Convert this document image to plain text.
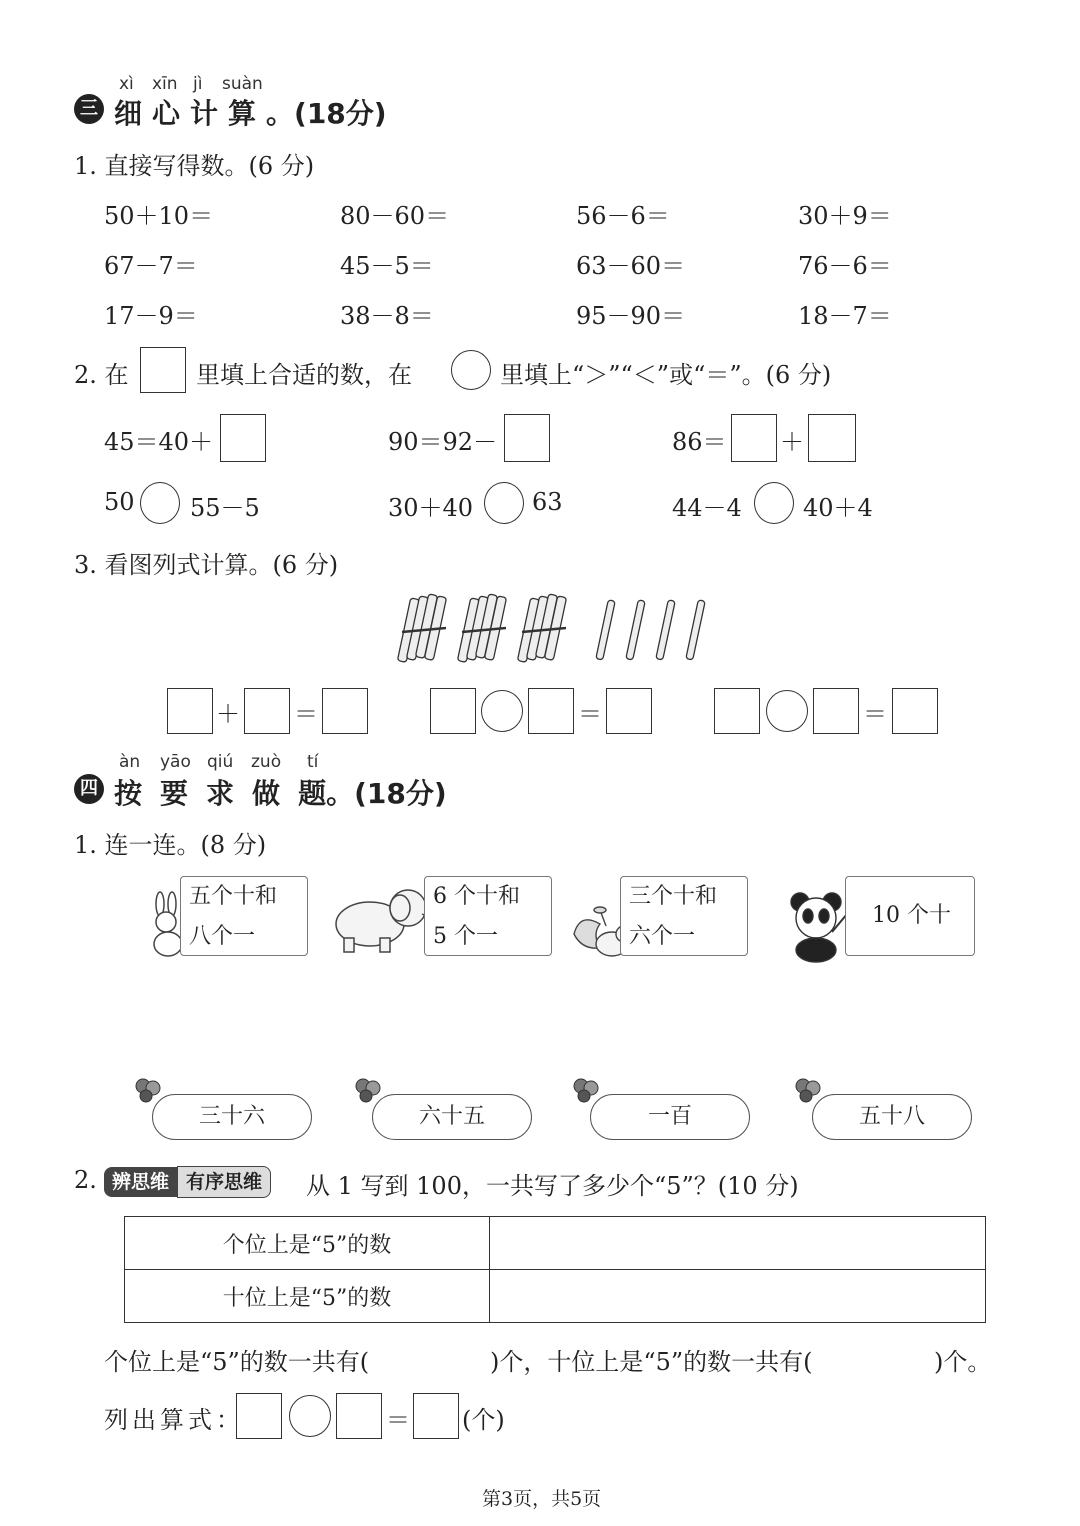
xì xīn jì suàn
三 细心计算。(18分)
1. 直接写得数。(6 分)
50＋10＝	80－60＝	56－6＝	30＋9＝
67－7＝	45－5＝	63－60＝	76－6＝
17－9＝	38－8＝	95－90＝	18－7＝
2. 在	里填上合适的数，在	里填上“＞”“＜”或“＝”。(6 分)
45＝40＋	90＝92－	86＝ ＋
50 55－5	30＋40 63	44－4	40＋4
3. 看图列式计算。(6 分)
＋ ＝	＝	＝
àn yāo qiú zuò tí
四 按 要 求 做 题。(18分)
1. 连一连。(8 分)
五个十和
八个一
6 个十和
5 个一
三个十和
六个一
10 个十
三十六	六十五	一百	五十八
2. 辨思维 有序思维	从 1 写到 100，一共写了多少个“5”？(10 分)
个位上是“5”的数	
十位上是“5”的数	
个位上是“5”的数一共有(	)个，十位上是“5”的数一共有(	)个。
列出算式：	＝ (个)
第3页，共5页
